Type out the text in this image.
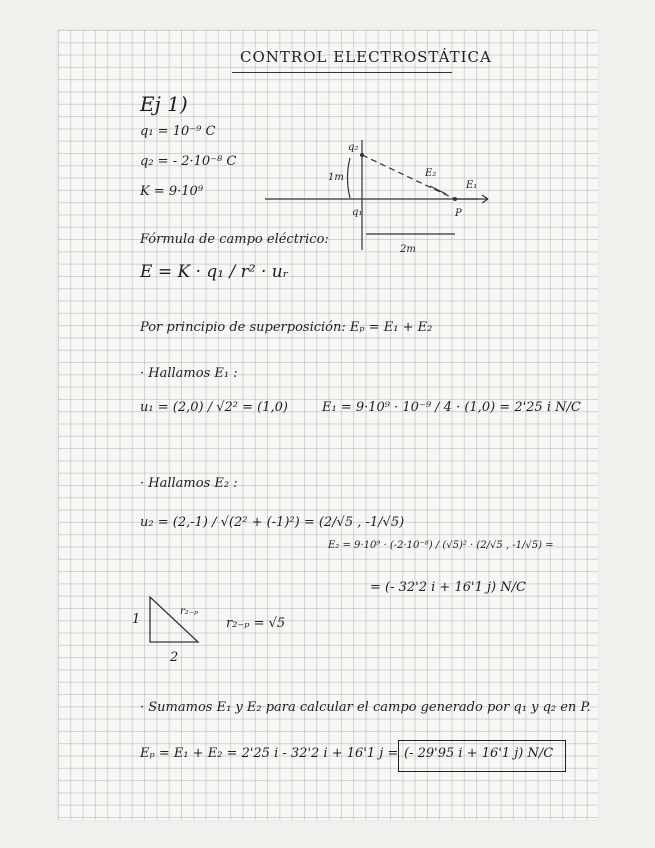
CONTROL ELECTROSTÁTICA
Ej 1)
q₁ = 10⁻⁹ C
q₂ = - 2·10⁻⁸ C
K = 9·10⁹
q₂
q₁	P
1m
2m
E₂
E₁
Fórmula de campo eléctrico:
E = K · q₁ / r² · uᵣ
Por principio de superposición: Eₚ = E₁ + E₂
· Hallamos E₁ :
u₁ = (2,0) / √2² = (1,0)	E₁ = 9·10⁹ · 10⁻⁹ / 4 · (1,0) = 2'25 i N/C
· Hallamos E₂ :
u₂ = (2,-1) / √(2² + (-1)²) = (2/√5 , -1/√5)
E₂ = 9·10⁹ · (-2·10⁻⁸) / (√5)² · (2/√5 , -1/√5) =
= (- 32'2 i + 16'1 j) N/C
1
2
r₂₋ₚ
r₂₋ₚ = √5
· Sumamos E₁ y E₂ para calcular el campo generado por q₁ y q₂ en P.
Eₚ = E₁ + E₂ = 2'25 i - 32'2 i + 16'1 j = (- 29'95 i + 16'1 j) N/C
